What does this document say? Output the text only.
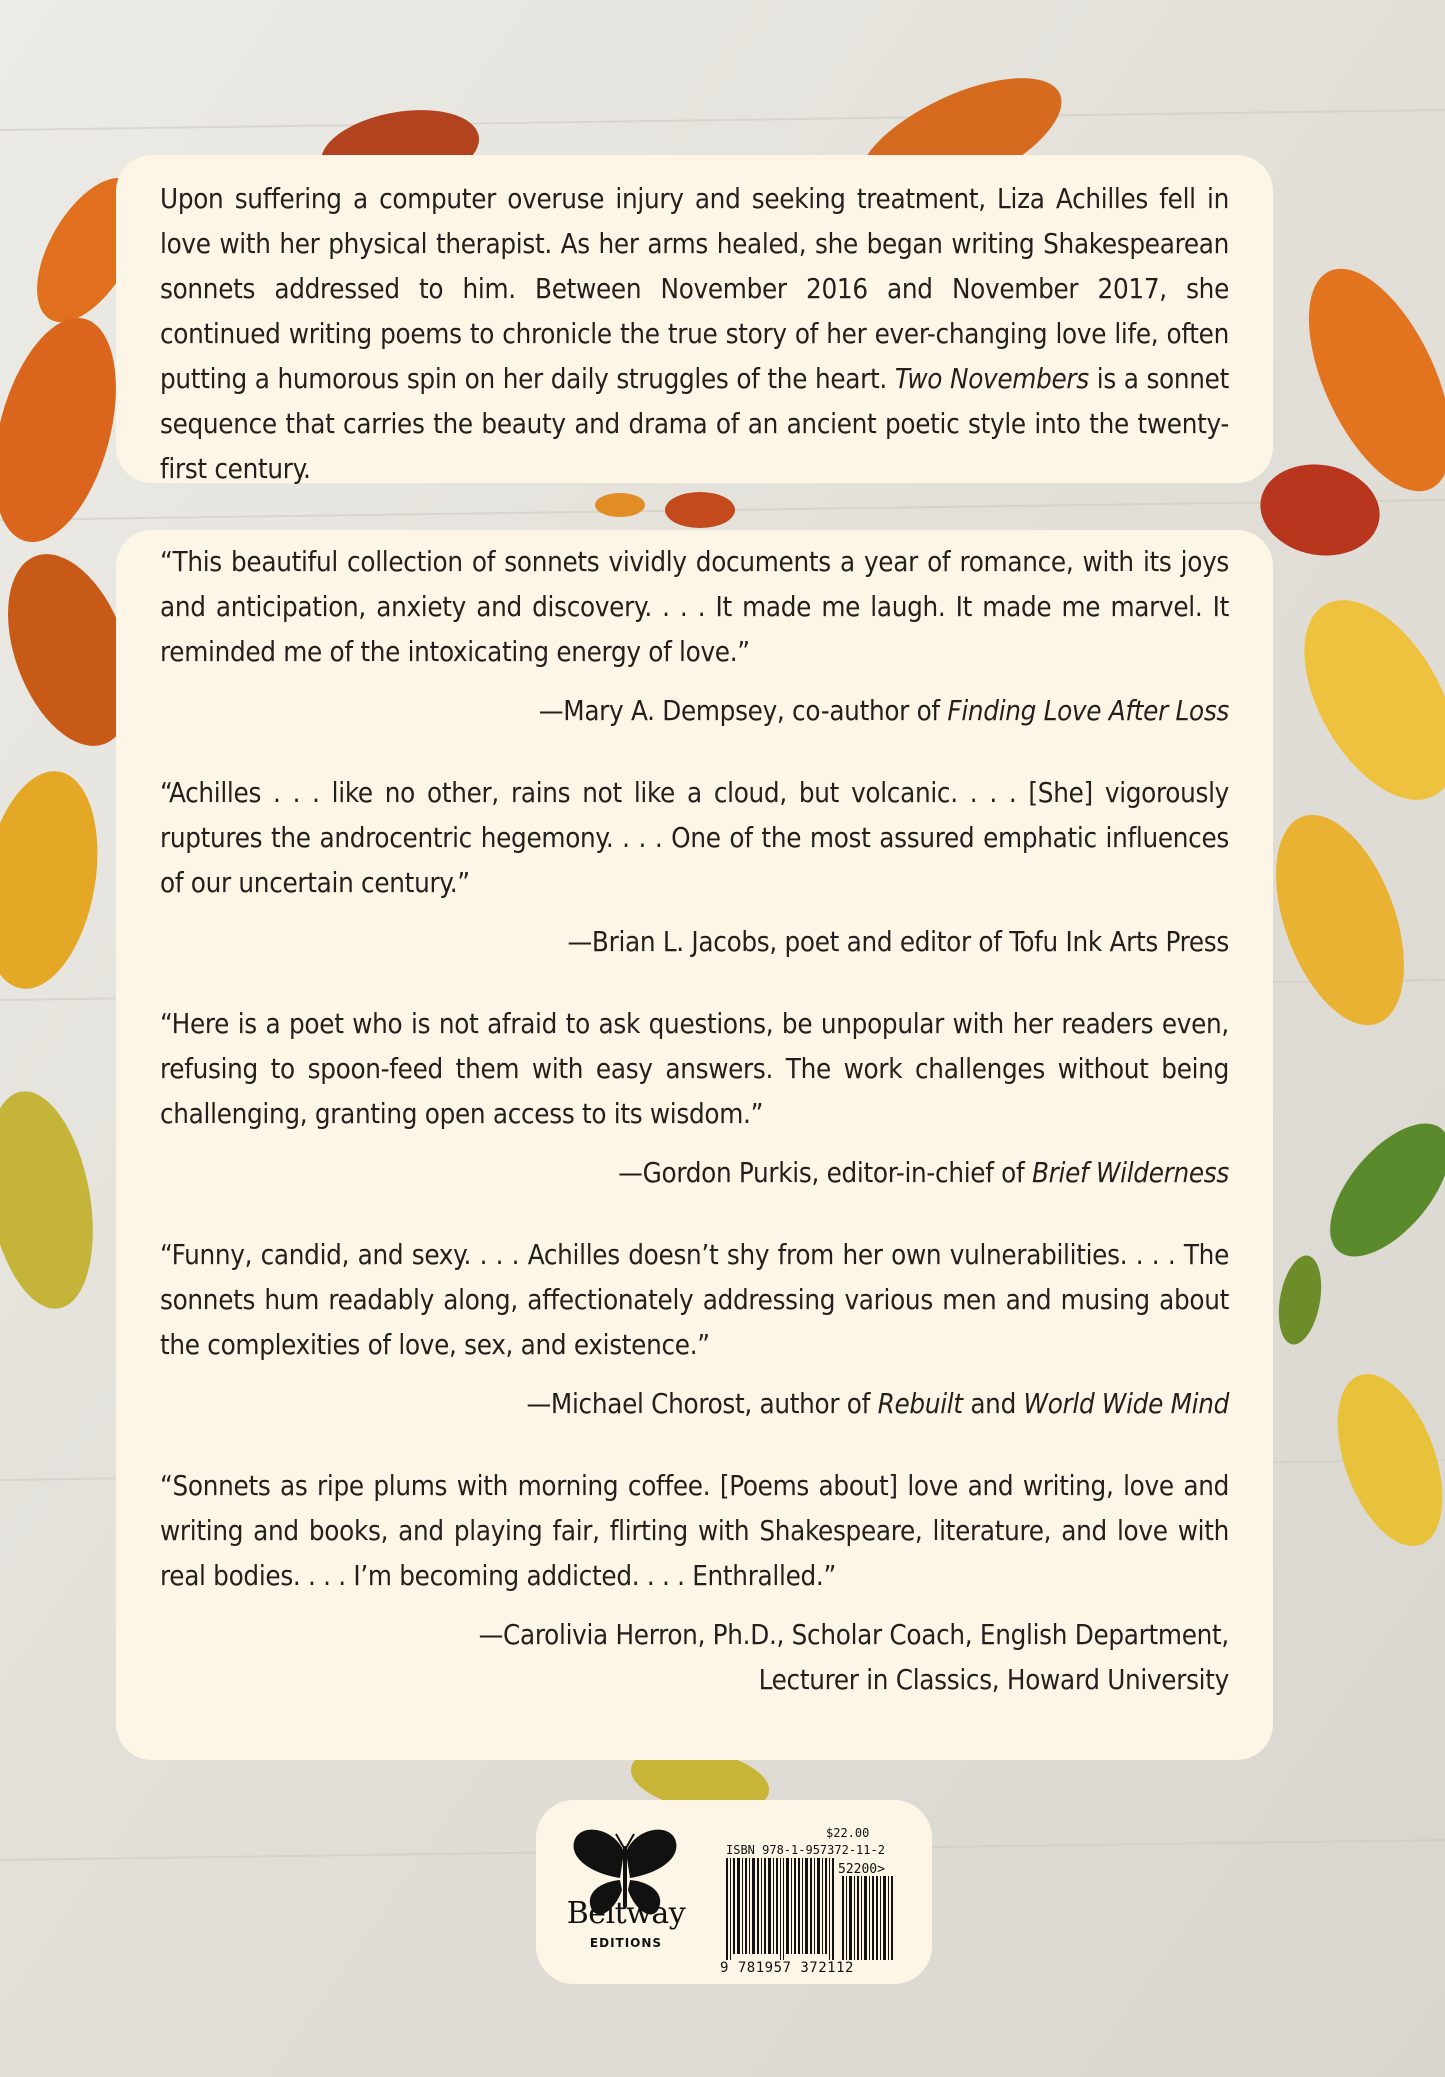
Upon suffering a computer overuse injury and seeking treatment, Liza Achilles fell in love with her physical therapist. As her arms healed, she began writing Shakespearean sonnets addressed to him. Between November 2016 and November 2017, she continued writing poems to chronicle the true story of her ever-changing love life, often putting a humorous spin on her daily struggles of the heart. Two Novembers is a sonnet sequence that carries the beauty and drama of an ancient poetic style into the twenty-first century.

“This beautiful collection of sonnets vividly documents a year of romance, with its joys and anticipation, anxiety and discovery. . . . It made me laugh. It made me marvel. It reminded me of the intoxicating energy of love.”

—Mary A. Dempsey, co-author of Finding Love After Loss

“Achilles . . . like no other, rains not like a cloud, but volcanic. . . . [She] vigorously ruptures the androcentric hegemony. . . . One of the most assured emphatic influences of our uncertain century.”

—Brian L. Jacobs, poet and editor of Tofu Ink Arts Press

“Here is a poet who is not afraid to ask questions, be unpopular with her readers even, refusing to spoon-feed them with easy answers. The work challenges without being challenging, granting open access to its wisdom.”

—Gordon Purkis, editor-in-chief of Brief Wilderness

“Funny, candid, and sexy. . . . Achilles doesn’t shy from her own vulnerabilities. . . . The sonnets hum readably along, affectionately addressing various men and musing about the complexities of love, sex, and existence.”

—Michael Chorost, author of Rebuilt and World Wide Mind

“Sonnets as ripe plums with morning coffee. [Poems about] love and writing, love and writing and books, and playing fair, flirting with Shakespeare, literature, and love with real bodies. . . . I’m becoming addicted. . . . Enthralled.”

—Carolivia Herron, Ph.D., Scholar Coach, English Department,
Lecturer in Classics, Howard University

Beltway
EDITIONS
$22.00
ISBN 978-1-957372-11-2
52200>
9 781957 372112
